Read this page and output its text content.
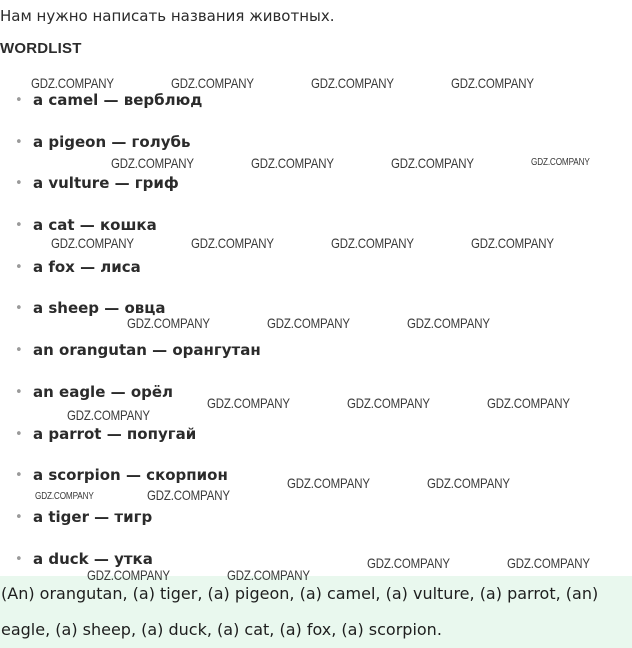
Нам нужно написать названия животных.
WORDLIST
• a camel — верблюд
• a pigeon — голубь
• a vulture — гриф
• a cat — кошка
• a fox — лиса
• a sheep — овца
• an orangutan — орангутан
• an eagle — орёл
• a parrot — попугай
• a scorpion — скорпион
• a tiger — тигр
• a duck — утка

(An) orangutan, (a) tiger, (a) pigeon, (a) camel, (a) vulture, (a) parrot, (an)

eagle, (a) sheep, (a) duck, (a) cat, (a) fox, (a) scorpion.

GDZ.COMPANY	GDZ.COMPANY	GDZ.COMPANY	GDZ.COMPANY
GDZ.COMPANY	GDZ.COMPANY	GDZ.COMPANY	GDZ.COMPANY
GDZ.COMPANY	GDZ.COMPANY	GDZ.COMPANY	GDZ.COMPANY
GDZ.COMPANY	GDZ.COMPANY	GDZ.COMPANY
GDZ.COMPANY	GDZ.COMPANY	GDZ.COMPANY
GDZ.COMPANY
GDZ.COMPANY	GDZ.COMPANY
GDZ.COMPANY
GDZ.COMPANY
GDZ.COMPANY	GDZ.COMPANY
GDZ.COMPANY	GDZ.COMPANY
